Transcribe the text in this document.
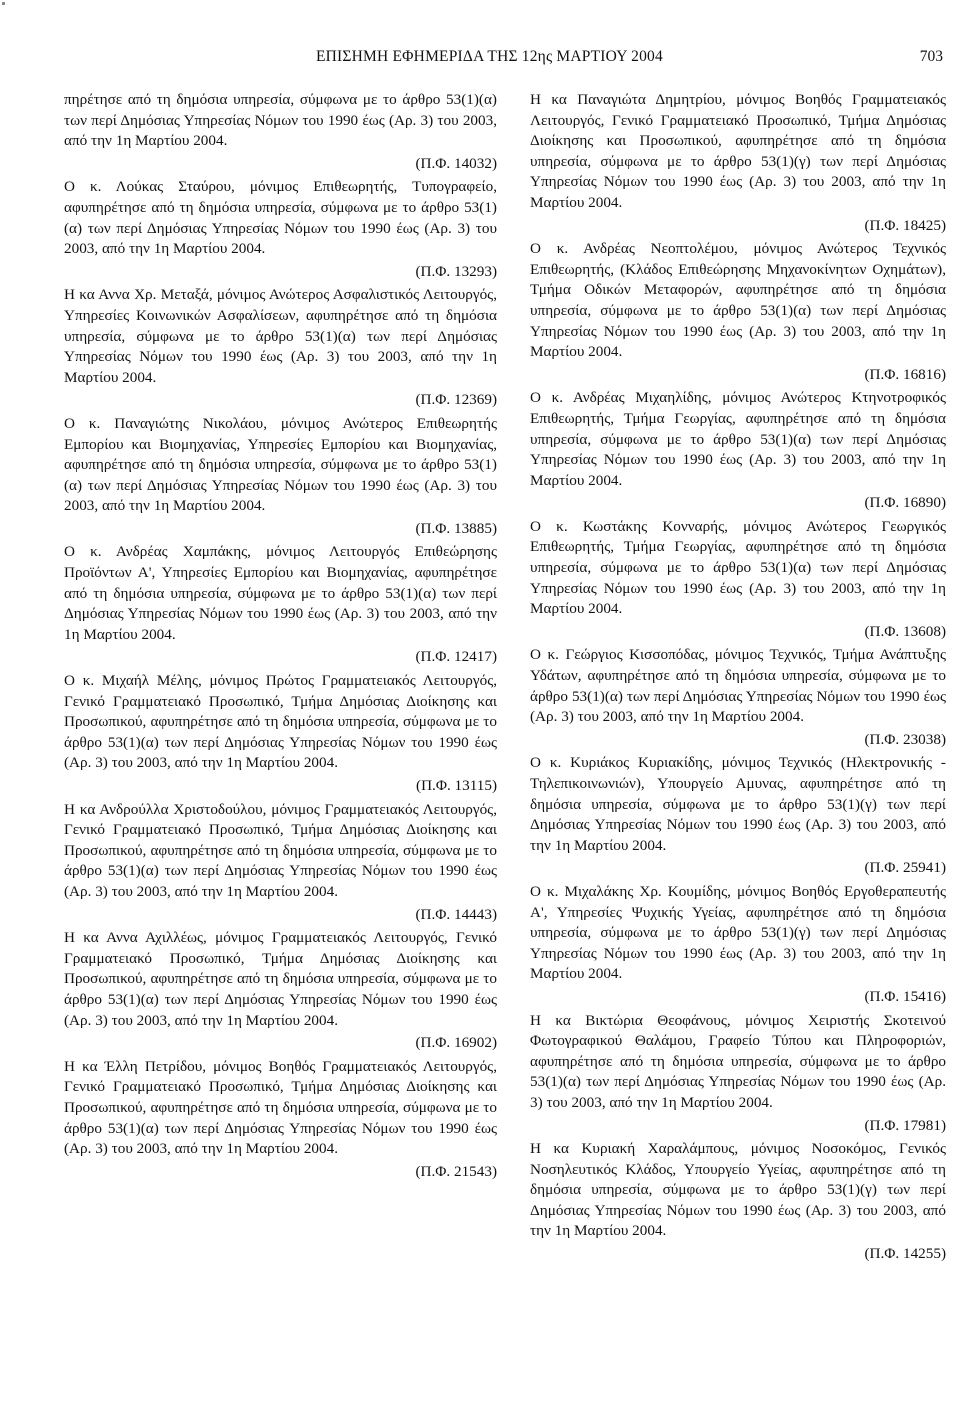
ΕΠΙΣΗΜΗ ΕΦΗΜΕΡΙΔΑ ΤΗΣ 12ης ΜΑΡΤΙΟΥ 2004	703
πηρέτησε από τη δημόσια υπηρεσία, σύμφωνα με το άρθρο 53(1)(α) των περί Δημόσιας Υπηρεσίας Νόμων του 1990 έως (Αρ. 3) του 2003, από την 1η Μαρτίου 2004.
(Π.Φ. 14032)
Ο κ. Λούκας Σταύρου, μόνιμος Επιθεωρητής, Τυπογραφείο, αφυπηρέτησε από τη δημόσια υπηρεσία, σύμφωνα με το άρθρο 53(1)(α) των περί Δημόσιας Υπηρεσίας Νόμων του 1990 έως (Αρ. 3) του 2003, από την 1η Μαρτίου 2004.
(Π.Φ. 13293)
Η κα Αννα Χρ. Μεταξά, μόνιμος Ανώτερος Ασφαλιστικός Λειτουργός, Υπηρεσίες Κοινωνικών Ασφαλίσεων, αφυπηρέτησε από τη δημόσια υπηρεσία, σύμφωνα με το άρθρο 53(1)(α) των περί Δημόσιας Υπηρεσίας Νόμων του 1990 έως (Αρ. 3) του 2003, από την 1η Μαρτίου 2004.
(Π.Φ. 12369)
Ο κ. Παναγιώτης Νικολάου, μόνιμος Ανώτερος Επιθεωρητής Εμπορίου και Βιομηχανίας, Υπηρεσίες Εμπορίου και Βιομηχανίας, αφυπηρέτησε από τη δημόσια υπηρεσία, σύμφωνα με το άρθρο 53(1)(α) των περί Δημόσιας Υπηρεσίας Νόμων του 1990 έως (Αρ. 3) του 2003, από την 1η Μαρτίου 2004.
(Π.Φ. 13885)
Ο κ. Ανδρέας Χαμπάκης, μόνιμος Λειτουργός Επιθεώρησης Προϊόντων Α', Υπηρεσίες Εμπορίου και Βιομηχανίας, αφυπηρέτησε από τη δημόσια υπηρεσία, σύμφωνα με το άρθρο 53(1)(α) των περί Δημόσιας Υπηρεσίας Νόμων του 1990 έως (Αρ. 3) του 2003, από την 1η Μαρτίου 2004.
(Π.Φ. 12417)
Ο κ. Μιχαήλ Μέλης, μόνιμος Πρώτος Γραμματειακός Λειτουργός, Γενικό Γραμματειακό Προσωπικό, Τμήμα Δημόσιας Διοίκησης και Προσωπικού, αφυπηρέτησε από τη δημόσια υπηρεσία, σύμφωνα με το άρθρο 53(1)(α) των περί Δημόσιας Υπηρεσίας Νόμων του 1990 έως (Αρ. 3) του 2003, από την 1η Μαρτίου 2004.
(Π.Φ. 13115)
Η κα Ανδρούλλα Χριστοδούλου, μόνιμος Γραμματειακός Λειτουργός, Γενικό Γραμματειακό Προσωπικό, Τμήμα Δημόσιας Διοίκησης και Προσωπικού, αφυπηρέτησε από τη δημόσια υπηρεσία, σύμφωνα με το άρθρο 53(1)(α) των περί Δημόσιας Υπηρεσίας Νόμων του 1990 έως (Αρ. 3) του 2003, από την 1η Μαρτίου 2004.
(Π.Φ. 14443)
Η κα Αννα Αχιλλέως, μόνιμος Γραμματειακός Λειτουργός, Γενικό Γραμματειακό Προσωπικό, Τμήμα Δημόσιας Διοίκησης και Προσωπικού, αφυπηρέτησε από τη δημόσια υπηρεσία, σύμφωνα με το άρθρο 53(1)(α) των περί Δημόσιας Υπηρεσίας Νόμων του 1990 έως (Αρ. 3) του 2003, από την 1η Μαρτίου 2004.
(Π.Φ. 16902)
Η κα Έλλη Πετρίδου, μόνιμος Βοηθός Γραμματειακός Λειτουργός, Γενικό Γραμματειακό Προσωπικό, Τμήμα Δημόσιας Διοίκησης και Προσωπικού, αφυπηρέτησε από τη δημόσια υπηρεσία, σύμφωνα με το άρθρο 53(1)(α) των περί Δημόσιας Υπηρεσίας Νόμων του 1990 έως (Αρ. 3) του 2003, από την 1η Μαρτίου 2004.
(Π.Φ. 21543)
Η κα Παναγιώτα Δημητρίου, μόνιμος Βοηθός Γραμματειακός Λειτουργός, Γενικό Γραμματειακό Προσωπικό, Τμήμα Δημόσιας Διοίκησης και Προσωπικού, αφυπηρέτησε από τη δημόσια υπηρεσία, σύμφωνα με το άρθρο 53(1)(γ) των περί Δημόσιας Υπηρεσίας Νόμων του 1990 έως (Αρ. 3) του 2003, από την 1η Μαρτίου 2004.
(Π.Φ. 18425)
Ο κ. Ανδρέας Νεοπτολέμου, μόνιμος Ανώτερος Τεχνικός Επιθεωρητής, (Κλάδος Επιθεώρησης Μηχανοκίνητων Οχημάτων), Τμήμα Οδικών Μεταφορών, αφυπηρέτησε από τη δημόσια υπηρεσία, σύμφωνα με το άρθρο 53(1)(α) των περί Δημόσιας Υπηρεσίας Νόμων του 1990 έως (Αρ. 3) του 2003, από την 1η Μαρτίου 2004.
(Π.Φ. 16816)
Ο κ. Ανδρέας Μιχαηλίδης, μόνιμος Ανώτερος Κτηνοτροφικός Επιθεωρητής, Τμήμα Γεωργίας, αφυπηρέτησε από τη δημόσια υπηρεσία, σύμφωνα με το άρθρο 53(1)(α) των περί Δημόσιας Υπηρεσίας Νόμων του 1990 έως (Αρ. 3) του 2003, από την 1η Μαρτίου 2004.
(Π.Φ. 16890)
Ο κ. Κωστάκης Κονναρής, μόνιμος Ανώτερος Γεωργικός Επιθεωρητής, Τμήμα Γεωργίας, αφυπηρέτησε από τη δημόσια υπηρεσία, σύμφωνα με το άρθρο 53(1)(α) των περί Δημόσιας Υπηρεσίας Νόμων του 1990 έως (Αρ. 3) του 2003, από την 1η Μαρτίου 2004.
(Π.Φ. 13608)
Ο κ. Γεώργιος Κισσοπόδας, μόνιμος Τεχνικός, Τμήμα Ανάπτυξης Υδάτων, αφυπηρέτησε από τη δημόσια υπηρεσία, σύμφωνα με το άρθρο 53(1)(α) των περί Δημόσιας Υπηρεσίας Νόμων του 1990 έως (Αρ. 3) του 2003, από την 1η Μαρτίου 2004.
(Π.Φ. 23038)
Ο κ. Κυριάκος Κυριακίδης, μόνιμος Τεχνικός (Ηλεκτρονικής - Τηλεπικοινωνιών), Υπουργείο Αμυνας, αφυπηρέτησε από τη δημόσια υπηρεσία, σύμφωνα με το άρθρο 53(1)(γ) των περί Δημόσιας Υπηρεσίας Νόμων του 1990 έως (Αρ. 3) του 2003, από την 1η Μαρτίου 2004.
(Π.Φ. 25941)
Ο κ. Μιχαλάκης Χρ. Κουμίδης, μόνιμος Βοηθός Εργοθεραπευτής Α', Υπηρεσίες Ψυχικής Υγείας, αφυπηρέτησε από τη δημόσια υπηρεσία, σύμφωνα με το άρθρο 53(1)(γ) των περί Δημόσιας Υπηρεσίας Νόμων του 1990 έως (Αρ. 3) του 2003, από την 1η Μαρτίου 2004.
(Π.Φ. 15416)
Η κα Βικτώρια Θεοφάνους, μόνιμος Χειριστής Σκοτεινού Φωτογραφικού Θαλάμου, Γραφείο Τύπου και Πληροφοριών, αφυπηρέτησε από τη δημόσια υπηρεσία, σύμφωνα με το άρθρο 53(1)(α) των περί Δημόσιας Υπηρεσίας Νόμων του 1990 έως (Αρ. 3) του 2003, από την 1η Μαρτίου 2004.
(Π.Φ. 17981)
Η κα Κυριακή Χαραλάμπους, μόνιμος Νοσοκόμος, Γενικός Νοσηλευτικός Κλάδος, Υπουργείο Υγείας, αφυπηρέτησε από τη δημόσια υπηρεσία, σύμφωνα με το άρθρο 53(1)(γ) των περί Δημόσιας Υπηρεσίας Νόμων του 1990 έως (Αρ. 3) του 2003, από την 1η Μαρτίου 2004.
(Π.Φ. 14255)
